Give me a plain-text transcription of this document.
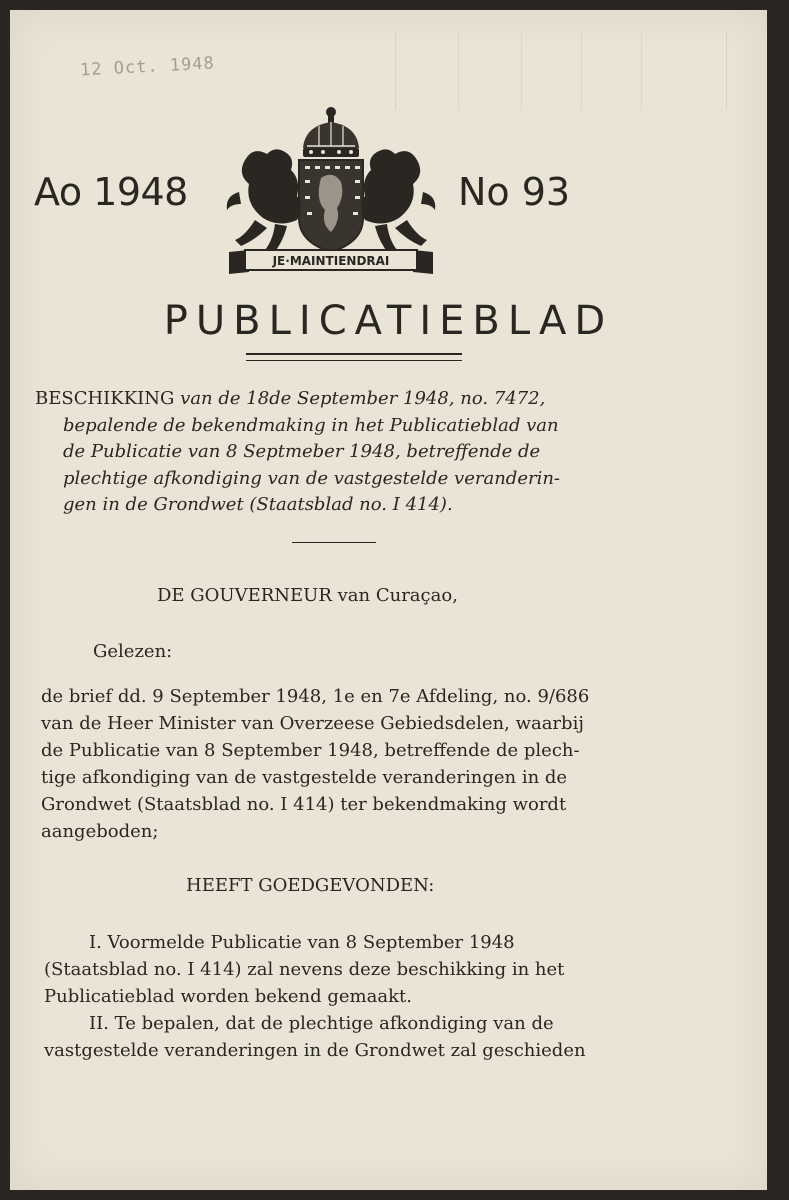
12 Oct. 1948
Ao 1948
JE·MAINTIENDRAI
No 93
PUBLICATIEBLAD
BESCHIKKING van de 18de September 1948, no. 7472,
bepalende de bekendmaking in het Publicatieblad van
de Publicatie van 8 Septmeber 1948, betreffende de
plechtige afkondiging van de vastgestelde veranderin-
gen in de Grondwet (Staatsblad no. I 414).
DE GOUVERNEUR van Curaçao,
Gelezen:
de brief dd. 9 September 1948, 1e en 7e Afdeling, no. 9/686
van de Heer Minister van Overzeese Gebiedsdelen, waarbij
de Publicatie van 8 September 1948, betreffende de plech-
tige afkondiging van de vastgestelde veranderingen in de
Grondwet (Staatsblad no. I 414) ter bekendmaking wordt
aangeboden;
HEEFT GOEDGEVONDEN:
I. Voormelde Publicatie van 8 September 1948
(Staatsblad no. I 414) zal nevens deze beschikking in het
Publicatieblad worden bekend gemaakt.
II. Te bepalen, dat de plechtige afkondiging van de
vastgestelde veranderingen in de Grondwet zal geschieden
